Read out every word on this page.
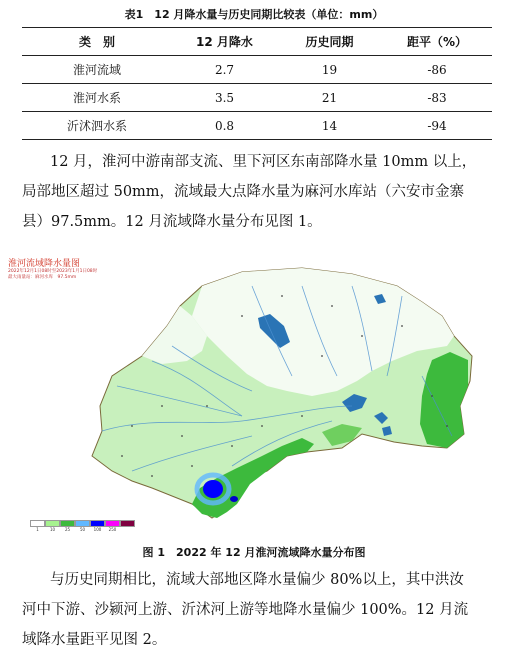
表1　12 月降水量与历史同期比较表（单位：mm）
类　别	12 月降水	历史同期	距平（%）
淮河流域	2.7	19	-86
淮河水系	3.5	21	-83
沂沭泗水系	0.8	14	-94
12 月，淮河中游南部支流、里下河区东南部降水量 10mm 以上，
局部地区超过 50mm，流域最大点降水量为麻河水库站（六安市金寨
县）97.5mm。12 月流域降水量分布见图 1。
淮河流域降水量图
2022年12月1日08时至2023年1月1日08时
最大雨量站：麻河水库　97.5mm
1	10 25 50 100 250
图 1　2022 年 12 月淮河流域降水量分布图
与历史同期相比，流域大部地区降水量偏少 80%以上，其中洪汝
河中下游、沙颍河上游、沂沭河上游等地降水量偏少 100%。12 月流
域降水量距平见图 2。
